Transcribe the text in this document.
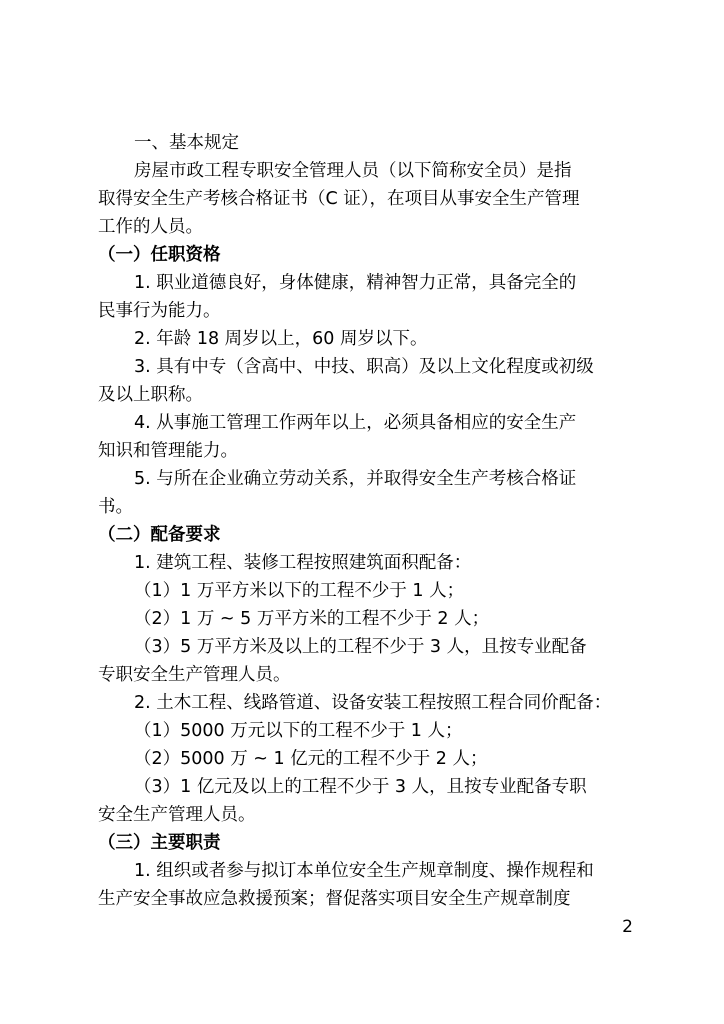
一、基本规定
房屋市政工程专职安全管理人员（以下简称安全员）是指
取得安全生产考核合格证书（C 证），在项目从事安全生产管理
工作的人员。
（一）任职资格
1. 职业道德良好，身体健康，精神智力正常，具备完全的
民事行为能力。
2. 年龄 18 周岁以上，60 周岁以下。
3. 具有中专（含高中、中技、职高）及以上文化程度或初级
及以上职称。
4. 从事施工管理工作两年以上，必须具备相应的安全生产
知识和管理能力。
5. 与所在企业确立劳动关系，并取得安全生产考核合格证
书。
（二）配备要求
1. 建筑工程、装修工程按照建筑面积配备：
（1）1 万平方米以下的工程不少于 1 人；
（2）1 万 ~ 5 万平方米的工程不少于 2 人；
（3）5 万平方米及以上的工程不少于 3 人，且按专业配备
专职安全生产管理人员。
2. 土木工程、线路管道、设备安装工程按照工程合同价配备：
（1）5000 万元以下的工程不少于 1 人；
（2）5000 万 ~ 1 亿元的工程不少于 2 人；
（3）1 亿元及以上的工程不少于 3 人，且按专业配备专职
安全生产管理人员。
（三）主要职责
1. 组织或者参与拟订本单位安全生产规章制度、操作规程和
生产安全事故应急救援预案；督促落实项目安全生产规章制度
2
